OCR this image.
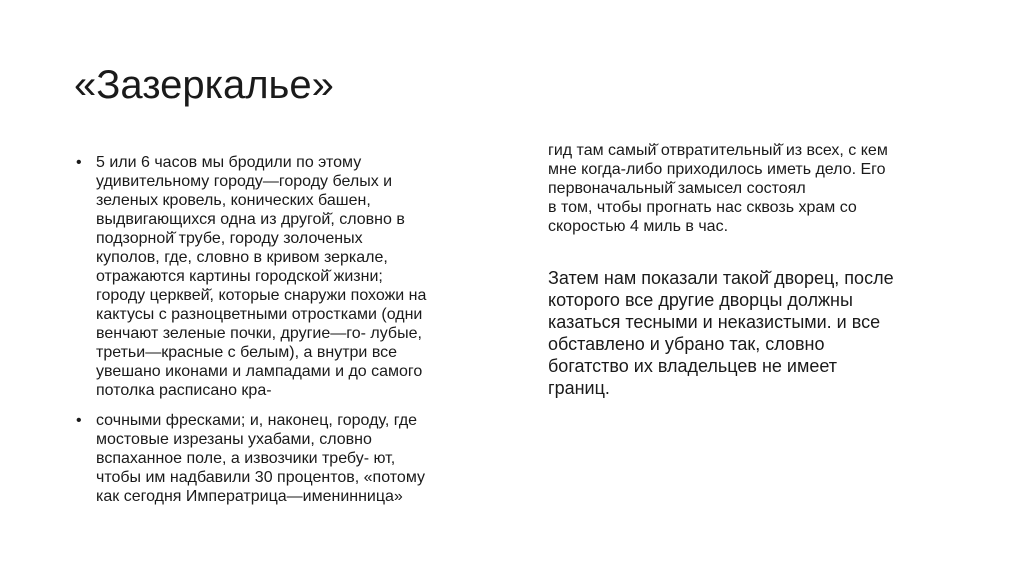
«Зазеркалье»
• 5 или 6 часов мы бродили по этому
удивительному городу—городу белых и
зеленых кровель, конических башен,
выдвигающихся одна из другой̆, словно в
подзорной̆ трубе, городу золоченых
куполов, где, словно в кривом зеркале,
отражаются картины городской̆ жизни;
городу церквей̆, которые снаружи похожи на
кактусы с разноцветными отростками (одни
венчают зеленые почки, другие—го- лубые,
третьи—красные с белым), а внутри все
увешано иконами и лампадами и до самого
потолка расписано кра-
• сочными фресками; и, наконец, городу, где
мостовые изрезаны ухабами, словно
вспаханное поле, а извозчики требу- ют,
чтобы им надбавили 30 процентов, «потому
как сегодня Императрица—именинница»

гид там самый̆ отвратительный̆ из всех, с кем
мне когда-либо приходилось иметь дело. Его
первоначальный̆ замысел состоял
в том, чтобы прогнать нас сквозь храм со
скоростью 4 миль в час.

Затем нам показали такой̆ дворец, после
которого все другие дворцы должны
казаться тесными и неказистыми. и все
обставлено и убрано так, словно
богатство их владельцев не имеет
границ.
